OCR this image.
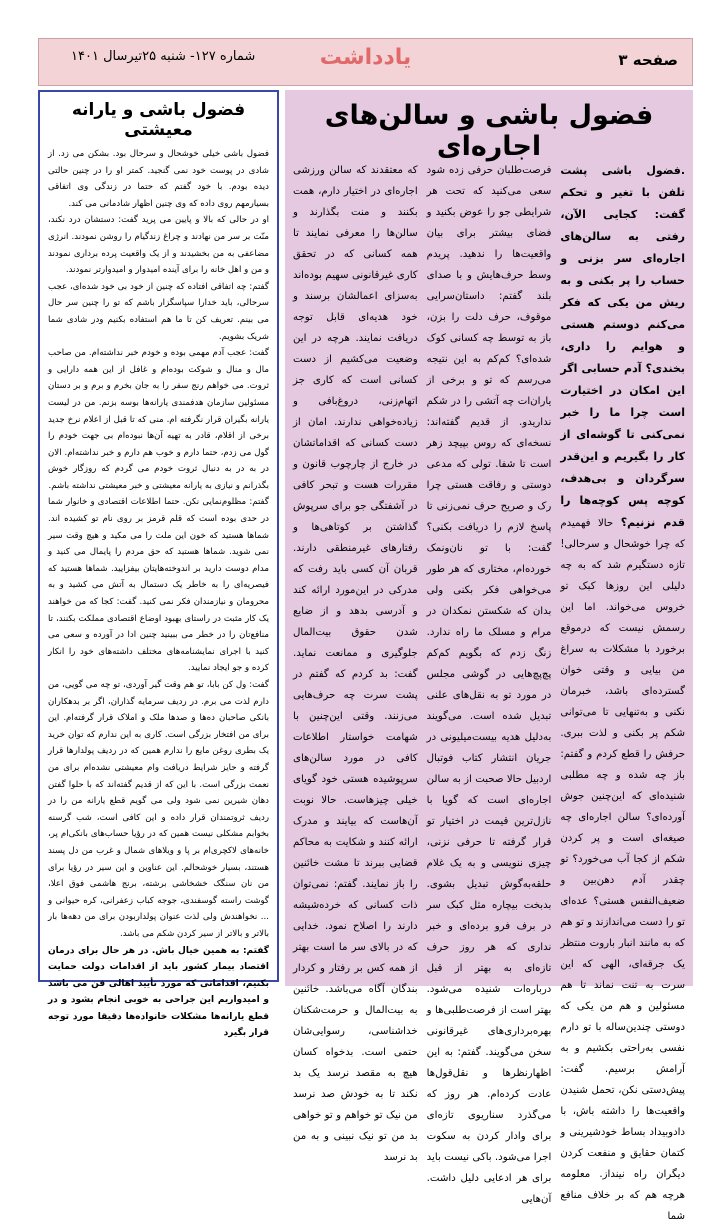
صفحه ۳
یادداشت
شماره ۱۲۷- شنبه ۲۵تیرسال ۱۴۰۱
فضول باشی و سالن‌های اجاره‌ای
.فضول باشی پشت تلفن با تغیر و تحکم گفت: کجایی الآن، رفتی به سالن‌های اجاره‌ای سر بزنی و حساب را پر بکنی و به ریش من یکی که فکر می‌کنم دوستم هستی و هوایم را داری، بخندی؟ آدم حسابی اگر این امکان در اختیارت است چرا ما را خبر نمی‌کنی تا گوشه‌ای از کار را بگیریم و این‌قدر سرگردان و بی‌هدف، کوچه پس کوچه‌ها را قدم نزنیم؟ حالا فهمیدم که چرا خوشحال و سرحالی! تازه دستگیرم شد که به چه دلیلی این روزها کبک تو خروس می‌خواند. اما این رسمش نیست که درموقع برخورد با مشکلات به سراغ من بیایی و وقتی خوان گسترده‌ای باشد، خبرمان نکنی و به‌تنهایی تا می‌توانی شکم پر بکنی و لذت ببری. حرفش را قطع کردم و گفتم: باز چه شده و چه مطلبی شنیده‌ای که این‌چنین جوش آورده‌ای؟ سالن اجاره‌ای چه صیغه‌ای است و پر کردن شکم از کجا آب می‌خورد؟ تو چقدر آدم دهن‌بین و ضعیف‌النفس هستی؟ عده‌ای تو را دست می‌اندازند و تو هم که به مانند انبار باروت منتظر یک جرقه‌ای، الهی که این سرت به تنت نماند تا هم مسئولین و هم من یکی که دوستی چندین‌ساله با تو دارم نفسی به‌راحتی بکشیم و به آرامش برسیم. گفت: پیش‌دستی نکن، تحمل شنیدن واقعیت‌ها را داشته باش، با دادوبیداد بساط خودشیرینی و کتمان حقایق و منفعت کردن دیگران راه نینداز. معلومه هرچه هم که بر خلاف منافع شما
فرصت‌طلبان حرفی زده شود سعی می‌کنید که تحت هر شرایطی جو را عوض بکنید و فضای بیشتر برای بیان واقعیت‌ها را ندهید. پریدم وسط حرف‌هایش و با صدای بلند گفتم: داستان‌سرایی موقوف، حرف دلت را بزن، باز به توسط چه کسانی کوک شده‌ای؟ کم‌کم به این نتیجه می‌رسم که تو و برخی از یاران‌ات چه آتشی را در شکم نداریدو. از قدیم گفته‌اند: نسخه‌ای که روس بپیچد زهر است تا شفا. تولی که مدعی دوستی و رفاقت هستی چرا رک و صریح حرف نمی‌زنی تا پاسخ لازم را دریافت بکنی؟ گفت: با تو نان‌ونمک خورده‌ام، مختاری که هر طور می‌خواهی فکر بکنی ولی بدان که شکستن نمکدان در مرام و مسلک ما راه ندارد. زنگ زدم که بگویم کم‌کم پچ‌پچ‌هایی در گوشی مجلس در مورد تو به نقل‌های علنی تبدیل شده است. می‌گویند به‌دلیل هدیه بیست‌میلیونی در جریان انتشار کتاب فوتبال اردبیل حالا صحبت از به سالن اجاره‌ای است که گویا با نازل‌ترین قیمت در اختیار تو قرار گرفته تا حرفی نزنی، چیزی ننویسی و به یک غلام حلقه‌به‌گوش تبدیل بشوی. بدبخت بیچاره مثل کبک سر در برف فرو برده‌ای و خبر نداری که هر روز حرف تازه‌ای به بهتر از قبل درباره‌ات شنیده می‌شود. بهتر است از فرصت‌طلبی‌ها و بهره‌برداری‌های غیرقانونی سخن می‌گویند. گفتم: به این اظهارنظرها و نقل‌قول‌ها عادت کرده‌ام. هر روز که می‌گذرد سناریوی تازه‌ای برای وادار کردن به سکوت اجرا می‌شود. باکی نیست باید برای هر ادعایی دلیل داشت. آن‌هایی
که معتقدند که سالن ورزشی اجاره‌ای در اختیار دارم، همت بکنند و منت بگذارند و سالن‌ها را معرفی نمایند تا همه کسانی که در تحقق کاری غیرقانونی سهیم بوده‌اند به‌سزای اعمالشان برسند و خود هدیه‌ای قابل توجه دریافت نمایند. هرچه در این وضعیت می‌کشیم از دست کسانی است که کاری جز اتهام‌زنی، دروغ‌بافی و زیاده‌خواهی ندارند. امان از دست کسانی که اقداماتشان در خارج از چارچوب قانون و مقررات هست و تبحر کافی در آشفتگی جو برای سرپوش گذاشتن بر کوتاهی‌ها و رفتارهای غیرمنطقی دارند. قربان آن کسی باید رفت که مدرکی در این‌مورد ارائه کند و آدرسی بدهد و از ضایع شدن حقوق بیت‌المال جلوگیری و ممانعت نماید. گفت: بد کردم که گفتم در پشت سرت چه حرف‌هایی می‌زنند. وقتی این‌چنین با شهامت خواستار اطلاعات کافی در مورد سالن‌های سرپوشیده هستی خود گویای خیلی چیزهاست. حالا نوبت آن‌هاست که بیایند و مدرک ارائه کنند و شکایت به محاکم قضایی ببرند تا مشت خائنین را باز نمایند. گفتم: نمی‌توان ذات کسانی که خرده‌شیشه دارند را اصلاح نمود. خدایی که در بالای سر ما است بهتر از همه کس بر رفتار و کردار بندگان آگاه می‌باشد. خائنین به بیت‌المال و حرمت‌شکنان خداشناسی، رسوایی‌شان حتمی است. بدخواه کسان هیچ به مقصد نرسد یک بد نکند تا به خودش صد نرسد من نیک تو خواهم و تو خواهی بد من تو نیک نبینی و به من بد نرسد
فضول باشی و یارانه معیشتی

فضول باشی خیلی خوشحال و سرحال بود. بشکن می زد. از شادی در پوست خود نمی گنجید. کمتر او را در چنین حالتی دیده بودم. با خود گفتم که حتما در زندگی وی اتفاقی بسیارمهم روی داده که وی چنین اظهار شادمانی می کند.

او در حالی که بالا و پایین می پرید گفت: دستشان درد نکند، منّت بر سر من نهادند و چراغ زندگیام را روشن نمودند. انرژی مضاعفی به من بخشیدند و از یک واقعیت پرده برداری نمودند و من و اهل خانه را برای آینده امیدوار و امیدوارتر نمودند.

گفتم: چه اتفاقی افتاده که چنین از خود بی خود شده‌ای، عجب سرحالی، باید خدارا سپاسگزار باشم که تو را چنین سر حال می بینم. تعریف کن تا ما هم استفاده بکنیم ودر شادی شما شریک بشویم.

گفت: عجب آدم مهمی بوده و خودم خبر نداشته‌ام. من صاحب مال و منال و شوکت بوده‌ام و غافل از این همه دارایی و ثروت. می خواهم رنج سفر را به جان بخرم و برم و بر دستان مسئولین سازمان هدفمندی یارانه‌ها بوسه بزنم. من در لیست یارانه بگیران قرار نگرفته ام. منی که تا قبل از اعلام نرخ جدید برخی از اقلام، قادر به تهیه آن‌ها نبوده‌ام بی جهت خودم را گول می زدم، حتما دارم و خوب هم دارم و خبر نداشته‌ام. الان در به در به دنبال ثروت خودم می گردم که روزگار خوش بگذرانم و نیازی به یارانه معیشتی و خبر معیشتی نداشته باشم.

گفتم: مظلوم‌نمایی نکن. حتما اطلاعات اقتصادی و خانوار شما در حدی بوده است که قلم قرمز بر روی نام تو کشیده اند. شماها هستید که خون این ملت را می مکید و هیچ وقت سیر نمی شوید. شماها هستید که حق مردم را پایمال می کنید و مدام دوست دارید بر اندوخته‌هایتان بیفزایید. شماها هستید که فیصریه‌ای را به خاطر یک دستمال به آتش می کشید و به محرومان و نیازمندان فکر نمی کنید. گفت: کجا که من خواهند یک کار مثبت در راستای بهبود اوضاع اقتصادی مملکت بکنند، تا منافع‌تان را در خطر می ببینید چنین ادا در آورده و سعی می کنید با اجرای نمایشنامه‌های مختلف داشته‌های خود را انکار کرده و جو ایجاد نمایید.

گفت: ول کن بابا، تو هم وقت گیر آوردی، تو چه می گویی، من دارم لذت می برم. در ردیف سرمایه گذاران، اگر بر بدهکاران بانکی صاحبان ده‌ها و صدها ملک و املاک قرار گرفته‌ام. این برای من افتخار بزرگی است. کاری به این ندارم که توان خرید یک بطری روغن مایع را ندارم همین که در ردیف پولدارها قرار گرفته و حایز شرایط دریافت وام معیشتی نشده‌ام برای من نعمت بزرگی است. با این که از قدیم گفته‌اند که با حلوا گفتن دهان شیرین نمی شود ولی می گویم قطع یارانه من را در ردیف ثروتمندان قرار داده و این کافی است، شب گرسنه بخوابم مشکلی نیست همین که در رؤیا حساب‌های بانکی‌ام پر، خانه‌های لاکچری‌ام بر پا و ویلاهای شمال و غرب من دل پسند هستند، بسیار خوشحالم. این عناوین و این سیر در رؤیا برای من نان سنگک خشخاشی برشته، برنج هاشمی فوق اعلا، گوشت راسته گوسفندی، جوجه کباب زعفرانی، کره حیوانی و ... نخواهندش ولی لذت عنوان پولداربودن برای من دهه‌ها بار بالاتر و بالاتر از سیر کردن شکم می باشد.

گفتم: به همین خیال باش. در هر حال برای درمان اقتصاد بیمار کشور باید از اقدامات دولت حمایت بکنیم، اقداماتی که مورد تأیید اهالی فن می باشد و امیدواریم این جراحی به خوبی انجام بشود و در قطع یارانه‌ها مشکلات خانواده‌ها دقیقا مورد توجه قرار بگیرد
